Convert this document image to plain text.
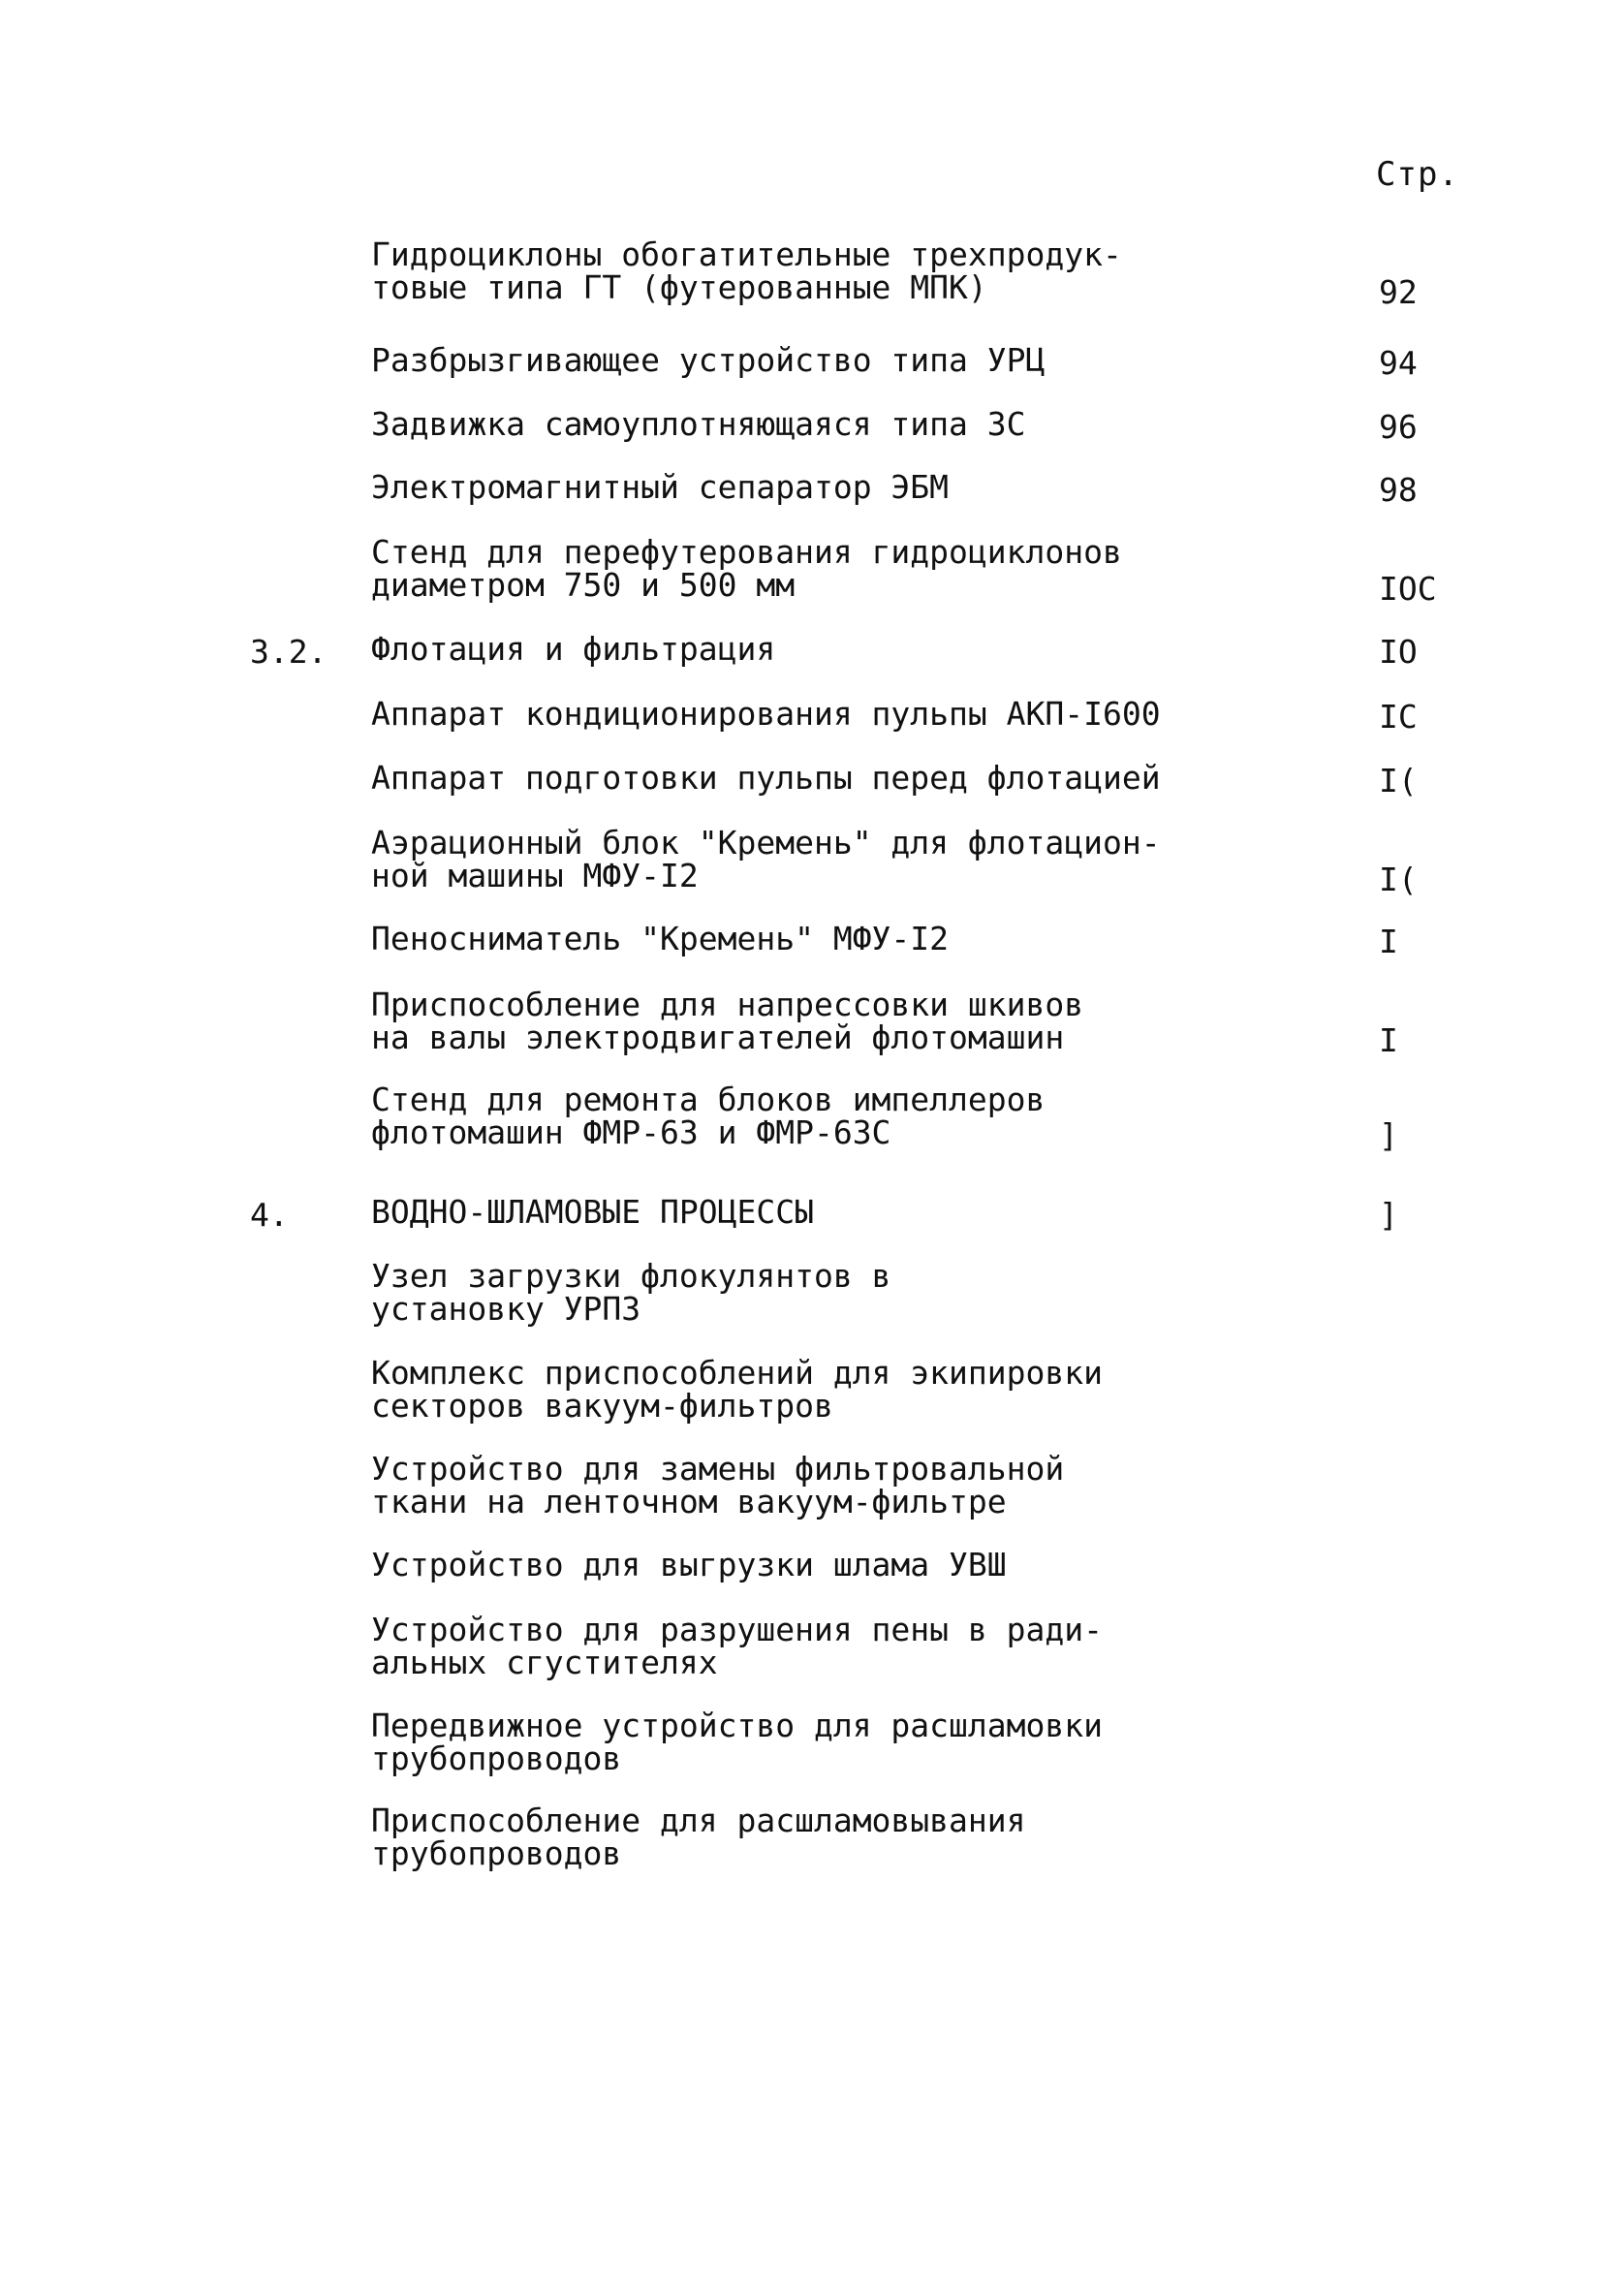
Стр.
Гидроциклоны обогатительные трехпродук-
товые типа ГТ (футерованные МПК)	92
Разбрызгивающее устройство типа УРЦ	94
Задвижка самоуплотняющаяся типа ЗС	96
Электромагнитный сепаратор ЭБМ	98
Стенд для перефутерования гидроциклонов
диаметром 750 и 500 мм	IOC
3.2. Флотация и фильтрация	IO
Аппарат кондиционирования пульпы АКП-I600	IC
Аппарат подготовки пульпы перед флотацией	I(
Аэрационный блок "Кремень" для флотацион-
ной машины МФУ-I2	I(
Пеносниматель "Кремень" МФУ-I2	I
Приспособление для напрессовки шкивов
на валы электродвигателей флотомашин	I
Стенд для ремонта блоков импеллеров
флотомашин ФМР-63 и ФМР-63С	]
4.	ВОДНО-ШЛАМОВЫЕ ПРОЦЕССЫ	]
Узел загрузки флокулянтов в
установку УРПЗ
Комплекс приспособлений для экипировки
секторов вакуум-фильтров
Устройство для замены фильтровальной
ткани на ленточном вакуум-фильтре
Устройство для выгрузки шлама УВШ
Устройство для разрушения пены в ради-
альных сгустителях
Передвижное устройство для расшламовки
трубопроводов
Приспособление для расшламовывания
трубопроводов
